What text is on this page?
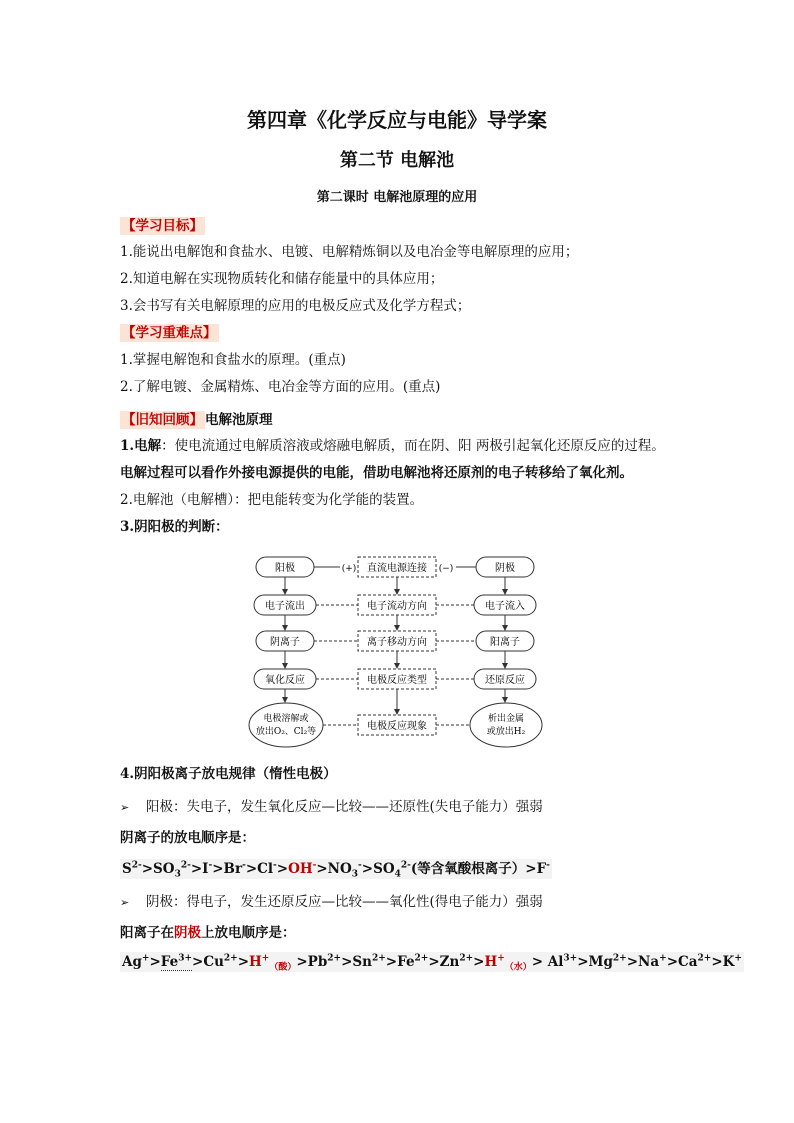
第四章《化学反应与电能》导学案
第二节 电解池
第二课时 电解池原理的应用
【学习目标】
1.能说出电解饱和食盐水、电镀、电解精炼铜以及电冶金等电解原理的应用；
2.知道电解在实现物质转化和储存能量中的具体应用；
3.会书写有关电解原理的应用的电极反应式及化学方程式；
【学习重难点】
1.掌握电解饱和食盐水的原理。(重点)
2.了解电镀、金属精炼、电冶金等方面的应用。(重点)
【旧知回顾】 电解池原理
1.电解：使电流通过电解质溶液或熔融电解质，而在阴、阳 两极引起氧化还原反应的过程。
电解过程可以看作外接电源提供的电能，借助电解池将还原剂的电子转移给了氧化剂。
2.电解池（电解槽）：把电能转变为化学能的装置。
3.阴阳极的判断：
阳极
电子流出
阴离子
氧化反应
电极溶解或
放出O₂、Cl₂等
直流电源连接
电子流动方向
离子移动方向
电极反应类型
电极反应现象
阴极
电子流入
阳离子
还原反应
析出金属
或放出H₂
(+)	(−)
4.阴阳极离子放电规律（惰性电极）
➢ 阳极：失电子，发生氧化反应—比较——还原性(失电子能力）强弱
阴离子的放电顺序是：
$S^{2-}>SO_3^{2-}>I^->Br^->Cl^->OH^->NO_3^->SO_4^{2-}$(等含氧酸根离子）>F-
➢ 阴极：得电子，发生还原反应—比较——氧化性(得电子能力）强弱
阳离子在阴极上放电顺序是：
$Ag^+>Fe^{3+}>Cu^{2+}>H^+_{(酸)}>Pb^{2+}>Sn^{2+}>Fe^{2+}>Zn^{2+}>H^+_{(水)}> Al^{3+}>Mg^{2+}>Na^+>Ca^{2+}>K^+$
